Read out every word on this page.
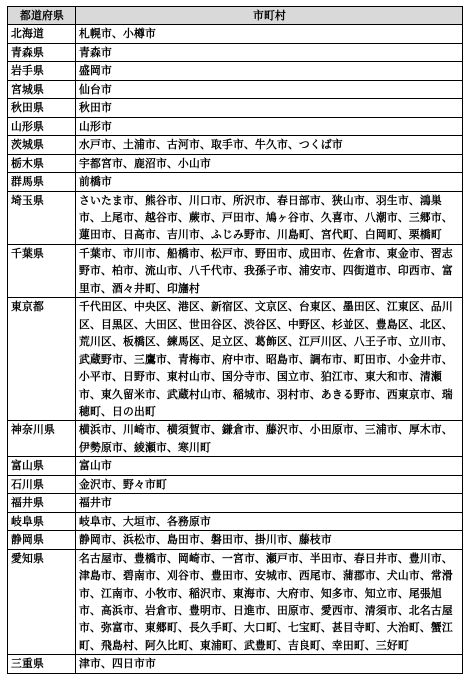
都道府県	市町村
北海道	札幌市、小樽市
青森県	青森市
岩手県	盛岡市
宮城県	仙台市
秋田県	秋田市
山形県	山形市
茨城県	水戸市、土浦市、古河市、取手市、牛久市、つくば市
栃木県	宇都宮市、鹿沼市、小山市
群馬県	前橋市
埼玉県	さいたま市、熊谷市、川口市、所沢市、春日部市、狭山市、羽生市、鴻巣市、上尾市、越谷市、蕨市、戸田市、鳩ヶ谷市、久喜市、八潮市、三郷市、蓮田市、日高市、吉川市、ふじみ野市、川島町、宮代町、白岡町、栗橋町
千葉県	千葉市、市川市、船橋市、松戸市、野田市、成田市、佐倉市、東金市、習志野市、柏市、流山市、八千代市、我孫子市、浦安市、四街道市、印西市、富里市、酒々井町、印旛村
東京都	千代田区、中央区、港区、新宿区、文京区、台東区、墨田区、江東区、品川区、目黒区、大田区、世田谷区、渋谷区、中野区、杉並区、豊島区、北区、荒川区、板橋区、練馬区、足立区、葛飾区、江戸川区、八王子市、立川市、武蔵野市、三鷹市、青梅市、府中市、昭島市、調布市、町田市、小金井市、小平市、日野市、東村山市、国分寺市、国立市、狛江市、東大和市、清瀬市、東久留米市、武蔵村山市、稲城市、羽村市、あきる野市、西東京市、瑞穂町、日の出町
神奈川県	横浜市、川崎市、横須賀市、鎌倉市、藤沢市、小田原市、三浦市、厚木市、伊勢原市、綾瀬市、寒川町
富山県	富山市
石川県	金沢市、野々市町
福井県	福井市
岐阜県	岐阜市、大垣市、各務原市
静岡県	静岡市、浜松市、島田市、磐田市、掛川市、藤枝市
愛知県	名古屋市、豊橋市、岡崎市、一宮市、瀬戸市、半田市、春日井市、豊川市、津島市、碧南市、刈谷市、豊田市、安城市、西尾市、蒲郡市、犬山市、常滑市、江南市、小牧市、稲沢市、東海市、大府市、知多市、知立市、尾張旭市、高浜市、岩倉市、豊明市、日進市、田原市、愛西市、清須市、北名古屋市、弥富市、東郷町、長久手町、大口町、七宝町、甚目寺町、大治町、蟹江町、飛島村、阿久比町、東浦町、武豊町、吉良町、幸田町、三好町
三重県	津市、四日市市
